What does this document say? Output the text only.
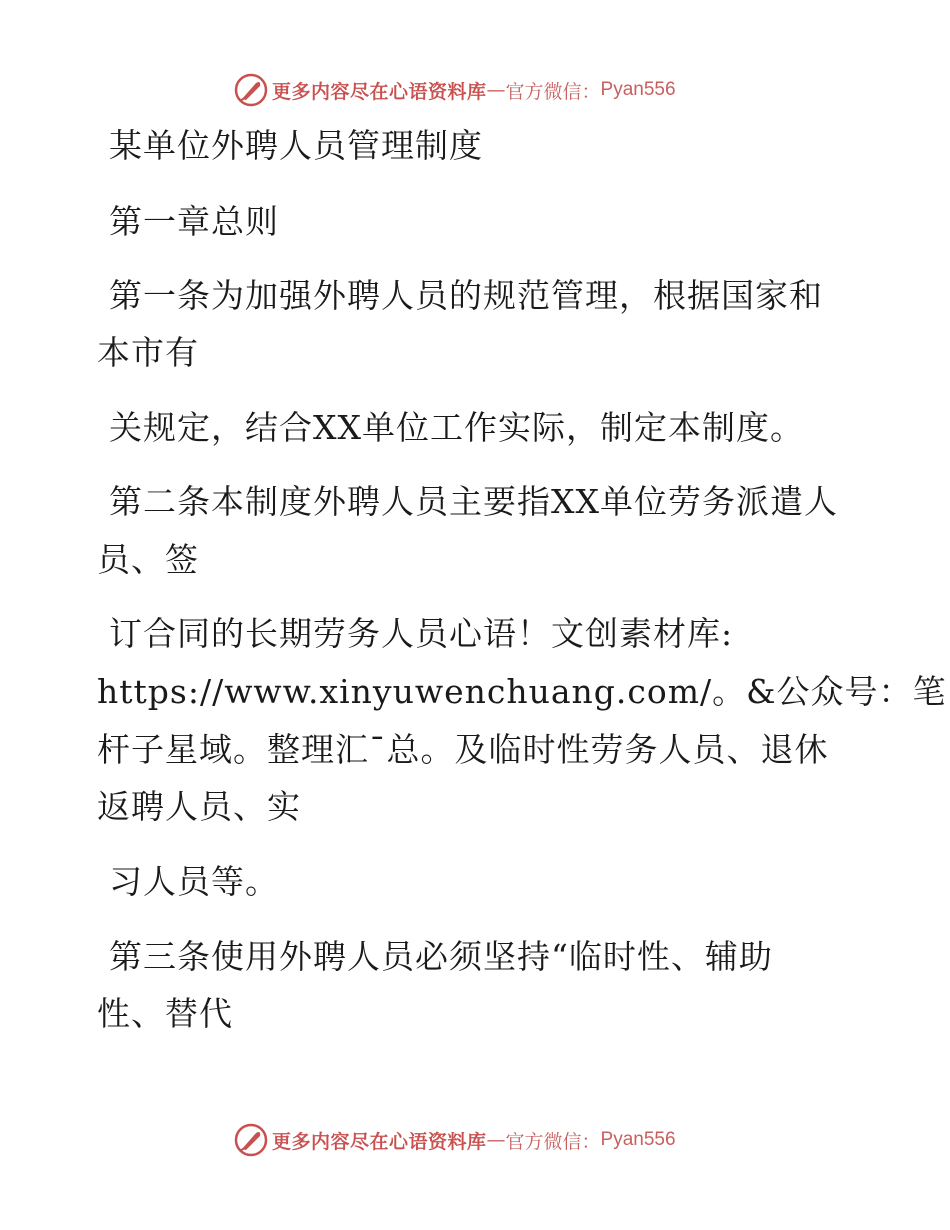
更多内容尽在心语资料库 — 官方微信： Pyan556
某单位外聘人员管理制度
第一章总则
第一条为加强外聘人员的规范管理，根据国家和
本市有
关规定，结合XX单位工作实际，制定本制度。
第二条本制度外聘人员主要指XX单位劳务派遣人
员、签
订合同的长期劳务人员心语！文创素材库:
https://www.xinyuwenchuang.com/。&公众号：笔
杆子星域。整理汇¯总。及临时性劳务人员、退休
返聘人员、实
习人员等。
第三条使用外聘人员必须坚持“临时性、辅助
性、替代
更多内容尽在心语资料库 — 官方微信： Pyan556
